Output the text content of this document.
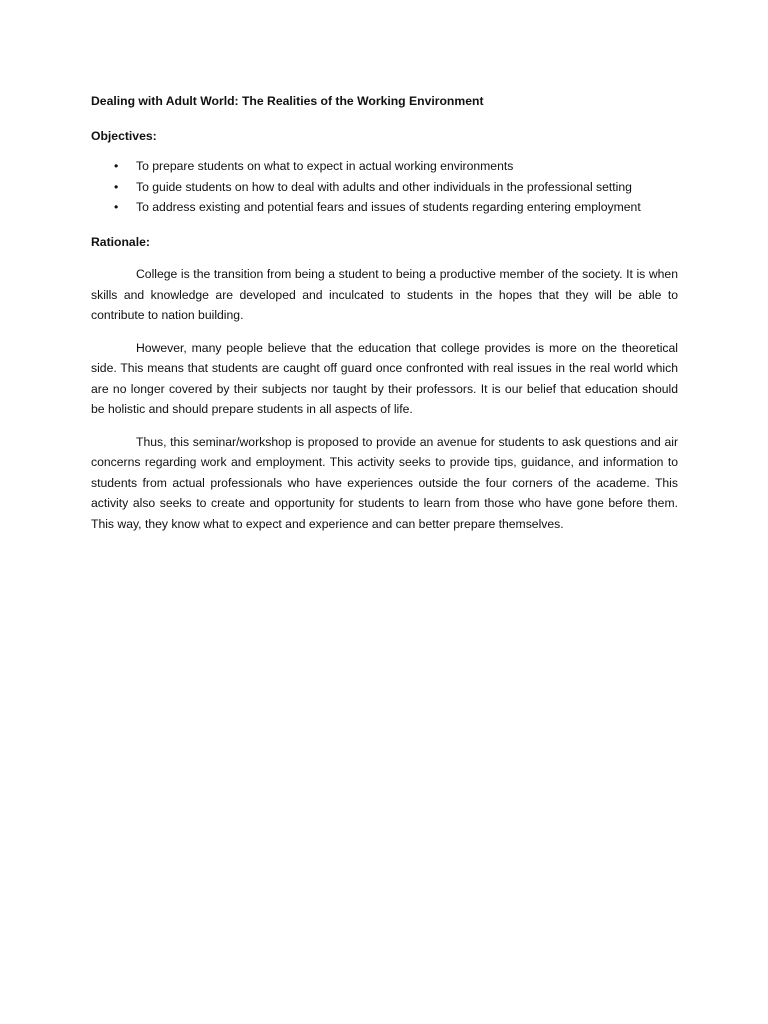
Dealing with Adult World: The Realities of the Working Environment
Objectives:
• To prepare students on what to expect in actual working environments
• To guide students on how to deal with adults and other individuals in the professional setting
• To address existing and potential fears and issues of students regarding entering employment
Rationale:

College is the transition from being a student to being a productive member of the society. It is when skills and knowledge are developed and inculcated to students in the hopes that they will be able to contribute to nation building.

However, many people believe that the education that college provides is more on the theoretical side. This means that students are caught off guard once confronted with real issues in the real world which are no longer covered by their subjects nor taught by their professors. It is our belief that education should be holistic and should prepare students in all aspects of life.

Thus, this seminar/workshop is proposed to provide an avenue for students to ask questions and air concerns regarding work and employment. This activity seeks to provide tips, guidance, and information to students from actual professionals who have experiences outside the four corners of the academe. This activity also seeks to create and opportunity for students to learn from those who have gone before them. This way, they know what to expect and experience and can better prepare themselves.
